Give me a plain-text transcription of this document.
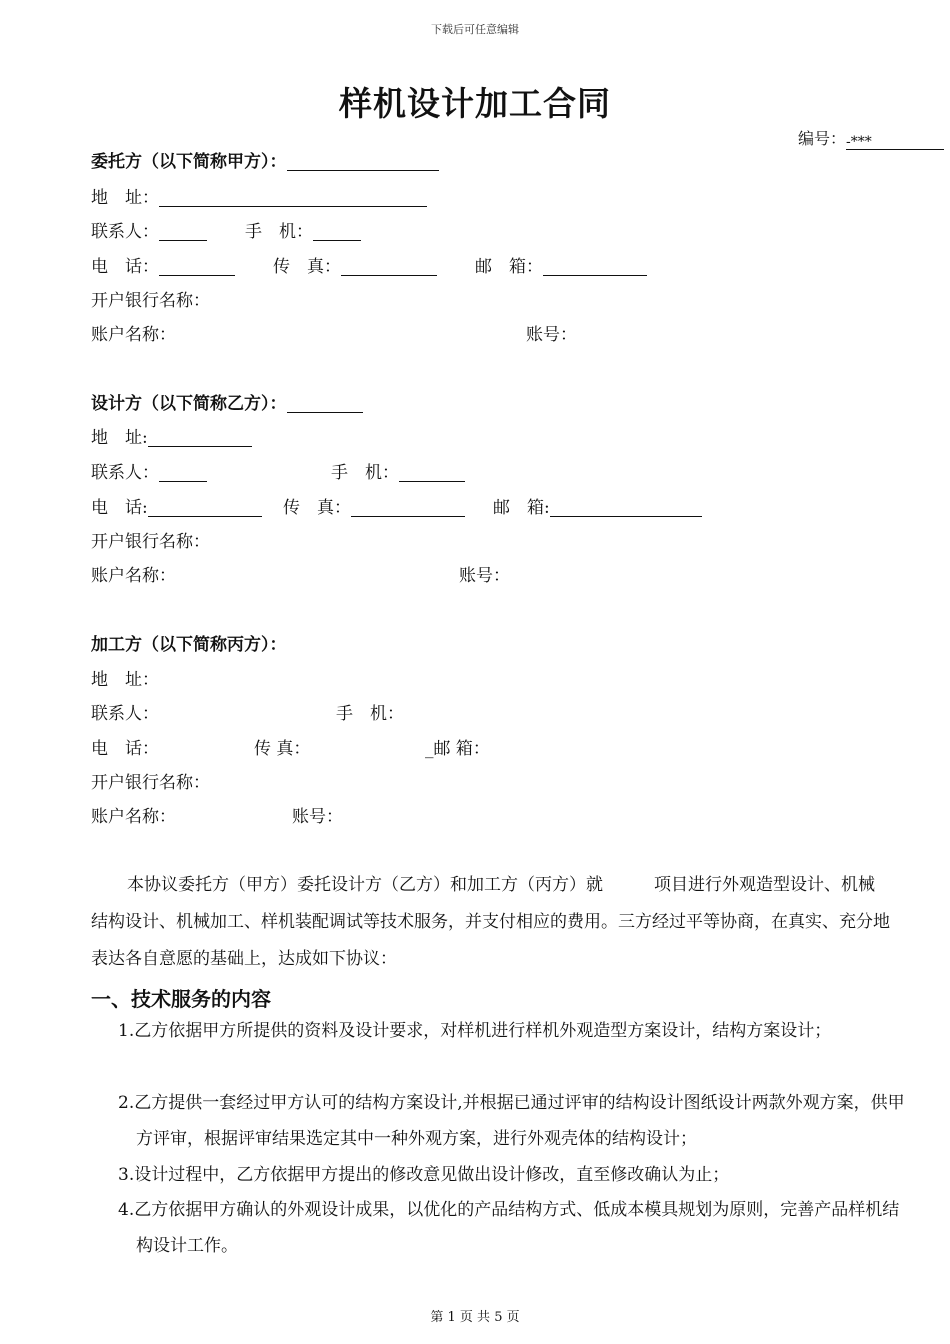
下载后可任意编辑
样机设计加工合同
编号：-***
委托方（以下简称甲方）：
地　址：
联系人：	手　机：
电　话：	传　真：	邮　箱：
开户银行名称：
账户名称：	账号：
设计方（以下简称乙方）：
地　址:
联系人：	手　机：
电　话:	传　真：	邮　箱:
开户银行名称：
账户名称：	账号：
加工方（以下简称丙方）：
地　址：
联系人：	手　机：
电　话：	传 真：	_邮 箱：
开户银行名称：
账户名称：	账号：
本协议委托方（甲方）委托设计方（乙方）和加工方（丙方）就　　　项目进行外观造型设计、机械结构设计、机械加工、样机装配调试等技术服务，并支付相应的费用。三方经过平等协商，在真实、充分地表达各自意愿的基础上，达成如下协议：
一、技术服务的内容
1.乙方依据甲方所提供的资料及设计要求，对样机进行样机外观造型方案设计，结构方案设计；
2.乙方提供一套经过甲方认可的结构方案设计,并根据已通过评审的结构设计图纸设计两款外观方案，供甲方评审，根据评审结果选定其中一种外观方案，进行外观壳体的结构设计；
3.设计过程中，乙方依据甲方提出的修改意见做出设计修改，直至修改确认为止；
4.乙方依据甲方确认的外观设计成果，以优化的产品结构方式、低成本模具规划为原则，完善产品样机结构设计工作。
第 1 页 共 5 页
